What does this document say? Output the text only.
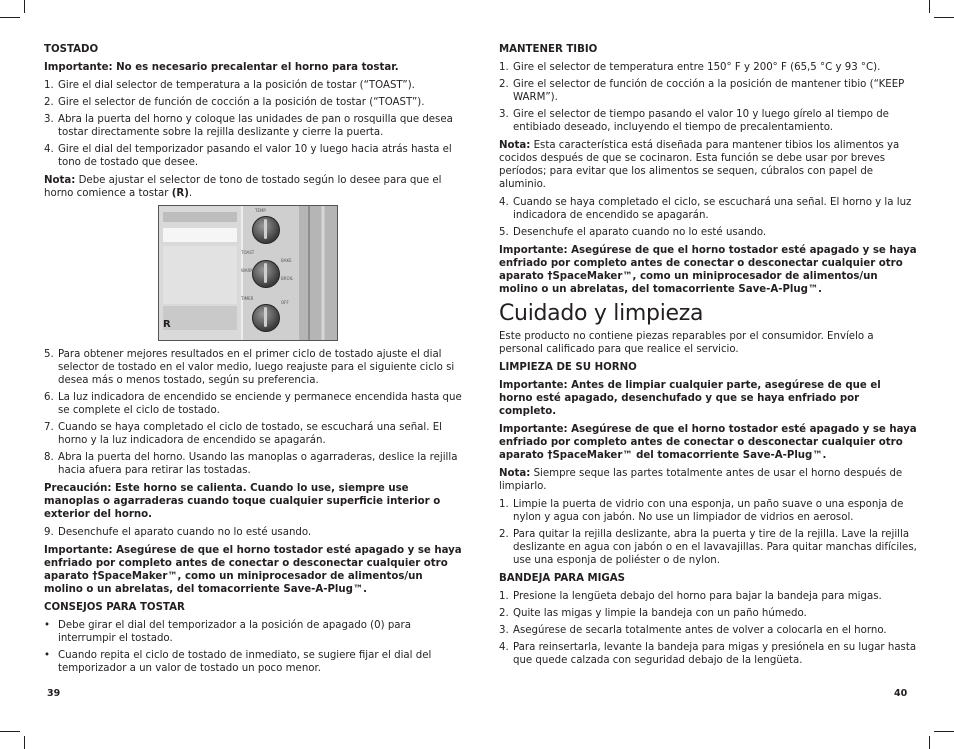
TOSTADO
Importante: No es necesario precalentar el horno para tostar.
1. Gire el dial selector de temperatura a la posición de tostar (“TOAST”).
2. Gire el selector de función de cocción a la posición de tostar (“TOAST”).
3. Abra la puerta del horno y coloque las unidades de pan o rosquilla que desea tostar directamente sobre la rejilla deslizante y cierre la puerta.
4. Gire el dial del temporizador pasando el valor 10 y luego hacia atrás hasta el tono de tostado que desee.
Nota: Debe ajustar el selector de tono de tostado según lo desee para que el horno comience a tostar (R).
TEMP
TOAST
WARM
BAKE
BROIL
TIMER
OFF
R
5. Para obtener mejores resultados en el primer ciclo de tostado ajuste el dial selector de tostado en el valor medio, luego reajuste para el siguiente ciclo si desea más o menos tostado, según su preferencia.
6. La luz indicadora de encendido se enciende y permanece encendida hasta que se complete el ciclo de tostado.
7. Cuando se haya completado el ciclo de tostado, se escuchará una señal. El horno y la luz indicadora de encendido se apagarán.
8. Abra la puerta del horno. Usando las manoplas o agarraderas, deslice la rejilla hacia afuera para retirar las tostadas.
Precaución: Este horno se calienta. Cuando lo use, siempre use manoplas o agarraderas cuando toque cualquier superficie interior o exterior del horno.
9. Desenchufe el aparato cuando no lo esté usando.
Importante: Asegúrese de que el horno tostador esté apagado y se haya enfriado por completo antes de conectar o desconectar cualquier otro aparato †SpaceMaker™, como un miniprocesador de alimentos/un molino o un abrelatas, del tomacorriente Save-A-Plug™.
CONSEJOS PARA TOSTAR
• Debe girar el dial del temporizador a la posición de apagado (0) para interrumpir el tostado.
• Cuando repita el ciclo de tostado de inmediato, se sugiere fijar el dial del temporizador a un valor de tostado un poco menor.
39
MANTENER TIBIO
1. Gire el selector de temperatura entre 150° F y 200° F (65,5 °C y 93 °C).
2. Gire el selector de función de cocción a la posición de mantener tibio (“KEEP WARM”).
3. Gire el selector de tiempo pasando el valor 10 y luego gírelo al tiempo de entibiado deseado, incluyendo el tiempo de precalentamiento.
Nota: Esta característica está diseñada para mantener tibios los alimentos ya cocidos después de que se cocinaron. Esta función se debe usar por breves períodos; para evitar que los alimentos se sequen, cúbralos con papel de aluminio.
4. Cuando se haya completado el ciclo, se escuchará una señal. El horno y la luz indicadora de encendido se apagarán.
5. Desenchufe el aparato cuando no lo esté usando.
Importante: Asegúrese de que el horno tostador esté apagado y se haya enfriado por completo antes de conectar o desconectar cualquier otro aparato †SpaceMaker™, como un miniprocesador de alimentos/un molino o un abrelatas, del tomacorriente Save-A-Plug™.
Cuidado y limpieza
Este producto no contiene piezas reparables por el consumidor. Envíelo a personal calificado para que realice el servicio.
LIMPIEZA DE SU HORNO
Importante: Antes de limpiar cualquier parte, asegúrese de que el horno esté apagado, desenchufado y que se haya enfriado por completo.
Importante: Asegúrese de que el horno tostador esté apagado y se haya enfriado por completo antes de conectar o desconectar cualquier otro aparato †SpaceMaker™ del tomacorriente Save-A-Plug™.
Nota: Siempre seque las partes totalmente antes de usar el horno después de limpiarlo.
1. Limpie la puerta de vidrio con una esponja, un paño suave o una esponja de nylon y agua con jabón. No use un limpiador de vidrios en aerosol.
2. Para quitar la rejilla deslizante, abra la puerta y tire de la rejilla. Lave la rejilla deslizante en agua con jabón o en el lavavajillas. Para quitar manchas difíciles, use una esponja de poliéster o de nylon.
BANDEJA PARA MIGAS
1. Presione la lengüeta debajo del horno para bajar la bandeja para migas.
2. Quite las migas y limpie la bandeja con un paño húmedo.
3. Asegúrese de secarla totalmente antes de volver a colocarla en el horno.
4. Para reinsertarla, levante la bandeja para migas y presiónela en su lugar hasta que quede calzada con seguridad debajo de la lengüeta.
40
